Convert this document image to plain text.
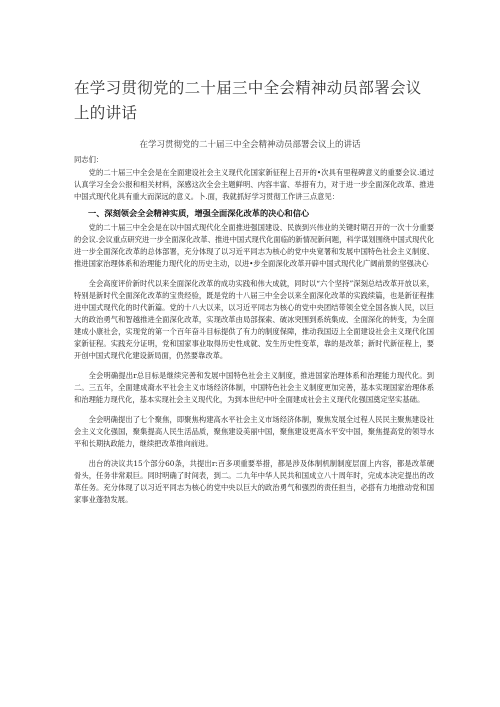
在学习贯彻党的二十届三中全会精神动员部署会议上的讲话
在学习贯彻党的二十届三中全会精神动员部署会议上的讲话

同志们：

党的二十届三中全会是在全面建设社会主义现代化国家新征程上召开的•次具有里程碑意义的重要会议.通过认真学习全会公报和相关材料，深感这次全会主题鲜明、内容丰富、举措有力，对于进一步全面深化改革、推进中国式现代化具有重大而深远的意义。卜.面，我就抓好学习贯彻工作讲三点意见：

一、深刻领会全会精神实质，增强全面深化改革的决心和信心

党的二十届三中全会是在以中国式现代化全面推进强国建设、民族到兴伟业的关键时期召开的一次十分重要的会议.会议重点研究进一步全面深化改革、推进中国式现代化面临的新情况新问题，科学谋划围绕中国式现代化进一步全面深化改革的总体部署，充分体现了以习近平同志为核心的党中央宽署和发展中国特色社会主义制度、推进国家治理体系和治理能力现代化的历史主动，以进•步全面深化改革开辟中国式现代化广阔前景的坚强决心

全会高度评价新时代以来全面深化改革的成功实践和伟大成就，同时以“六个坚持”深刻总结改革开放以来，特别是新时代全面深化改革的宝贵经验，既是党的十八届三中全会以来全面深化改革的实践续篇，也是新征程推进中国式现代化的时代新篇。党的十八大以来，以习近平同志为核心的党中央团结带领全党全国各族人民，以巨大的政治勇气和智越推进全面深化改革，实现改革由局部探索、破冰突围到系统集成、全面深化的转变，为全面建成小康社会，实现党的第一个百年奋斗目标提供了有力的制度保障，推动我国迈上全面建设社会主义现代化国家新征程。实践充分证明，党和国家事业取得历史性成就、发生历史性变革，靠的是改革；新时代新征程上，要开创中国式现代化建设新局面，仍然要靠改革。

全会明确提出r总目标是继续完善和发展中国特色社会主义制度，推进国家治理体系和治理能力现代化。到二。三五年，全面建成裔水平社会主义市场经济体制，中国特色社会主义制度更加完善，基本实现国家治理体系和治理能力现代化，基本实现社会主义现代化，为到本世纪中叶全面建成社会主义现代化强国奠定坚实基础。

全会明确提出了七个聚焦，即聚焦构建高水平社会主义市场经济体制，聚焦发展全过程人民民主聚焦建设社会主义文化强国，聚集提高人民生活品质，聚焦建设美丽中国，聚焦建设更高水平安中国，聚焦提高党的领导水平和长期执政能力，继续把改革推向前进。

出台的决议共15个部分60条，共提出r:百多项重要举措，都是涉及体制机制制度层面上内容，都是改革硬骨头，任务非常艰巨。同时明确了时间表，到二。二九年中华人民共和国成立八十周年时，完成本决定提出的改革任务。充分体现了以习近平同志为核心的党中央以巨大的政治勇气和强烈的责任担当，必搭有力地推动党和国家事业蓬勃发展。
